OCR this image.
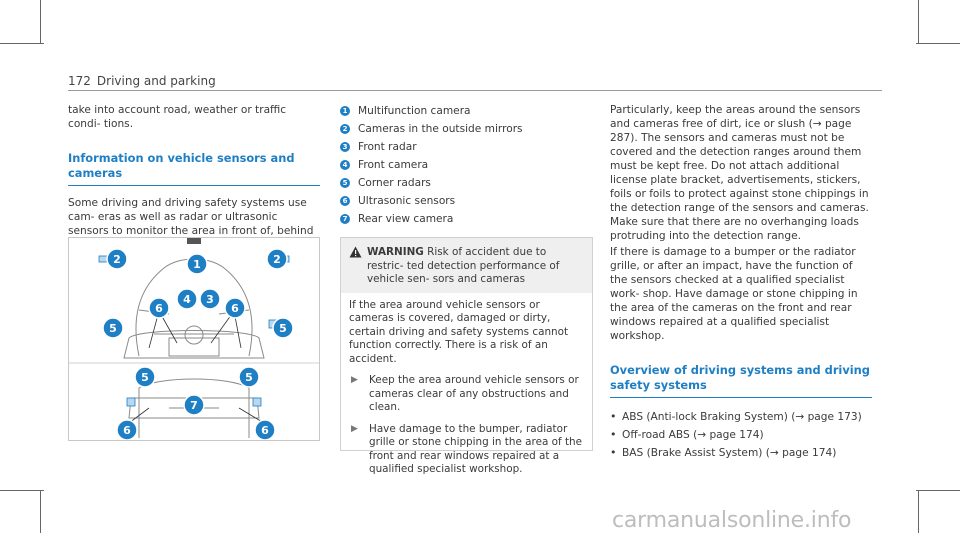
172 Driving and parking

take into account road, weather or traffic condi- tions.

Information on vehicle sensors and cameras

Some driving and driving safety systems use cam- eras as well as radar or ultrasonic sensors to monitor the area in front of, behind

2	1	2
6
4 3
6
5	5
5	5
7
6	6
1 Multifunction camera
2 Cameras in the outside mirrors
3 Front radar
4 Front camera
5 Corner radars
6 Ultrasonic sensors
7 Rear view camera
WARNING Risk of accident due to restric- ted detection performance of vehicle sen- sors and cameras

If the area around vehicle sensors or cameras is covered, damaged or dirty, certain driving and safety systems cannot function correctly. There is a risk of an accident.

▶	Keep the area around vehicle sensors or cameras clear of any obstructions and clean.
▶	Have damage to the bumper, radiator grille or stone chipping in the area of the front and rear windows repaired at a qualified specialist workshop.

Particularly, keep the areas around the sensors and cameras free of dirt, ice or slush (→ page 287). The sensors and cameras must not be covered and the detection ranges around them must be kept free. Do not attach additional license plate bracket, advertisements, stickers, foils or foils to protect against stone chippings in the detection range of the sensors and cameras. Make sure that there are no overhanging loads protruding into the detection range.

If there is damage to a bumper or the radiator grille, or after an impact, have the function of the sensors checked at a qualified specialist work- shop. Have damage or stone chipping in the area of the cameras on the front and rear windows repaired at a qualified specialist workshop.

Overview of driving systems and driving safety systems
• ABS (Anti-lock Braking System) (→ page 173)
• Off-road ABS (→ page 174)
• BAS (Brake Assist System) (→ page 174)
carmanualsonline.info
